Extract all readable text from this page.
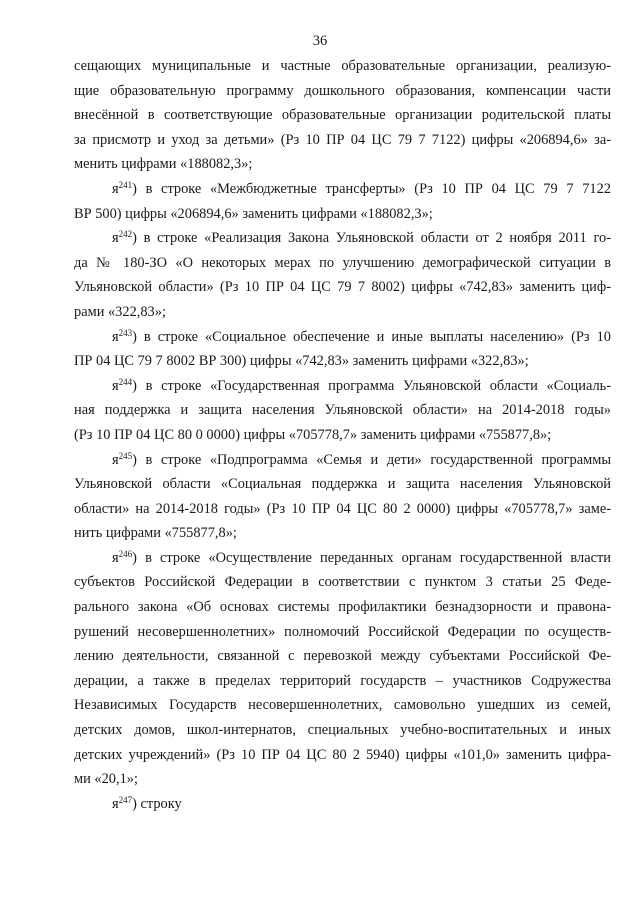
36
сещающих муниципальные и частные образовательные организации, реализую-
щие образовательную программу дошкольного образования, компенсации части
внесённой в соответствующие образовательные организации родительской платы
за присмотр и уход за детьми» (Рз 10 ПР 04 ЦС 79 7 7122) цифры «206894,6» за-
менить цифрами «188082,3»;
$я^{241}$) в строке «Межбюджетные трансферты» (Рз 10 ПР 04 ЦС 79 7 7122
ВР 500) цифры «206894,6» заменить цифрами «188082,3»;
$я^{242}$) в строке «Реализация Закона Ульяновской области от 2 ноября 2011 го-
да № 180-ЗО «О некоторых мерах по улучшению демографической ситуации в
Ульяновской области» (Рз 10 ПР 04 ЦС 79 7 8002) цифры «742,83» заменить циф-
рами «322,83»;
$я^{243}$) в строке «Социальное обеспечение и иные выплаты населению» (Рз 10
ПР 04 ЦС 79 7 8002 ВР 300) цифры «742,83» заменить цифрами «322,83»;
$я^{244}$) в строке «Государственная программа Ульяновской области «Социаль-
ная поддержка и защита населения Ульяновской области» на 2014-2018 годы»
(Рз 10 ПР 04 ЦС 80 0 0000) цифры «705778,7» заменить цифрами «755877,8»;
$я^{245}$) в строке «Подпрограмма «Семья и дети» государственной программы
Ульяновской области «Социальная поддержка и защита населения Ульяновской
области» на 2014-2018 годы» (Рз 10 ПР 04 ЦС 80 2 0000) цифры «705778,7» заме-
нить цифрами «755877,8»;
$я^{246}$) в строке «Осуществление переданных органам государственной власти
субъектов Российской Федерации в соответствии с пунктом 3 статьи 25 Феде-
рального закона «Об основах системы профилактики безнадзорности и правона-
рушений несовершеннолетних» полномочий Российской Федерации по осуществ-
лению деятельности, связанной с перевозкой между субъектами Российской Фе-
дерации, а также в пределах территорий государств – участников Содружества
Независимых Государств несовершеннолетних, самовольно ушедших из семей,
детских домов, школ-интернатов, специальных учебно-воспитательных и иных
детских учреждений» (Рз 10 ПР 04 ЦС 80 2 5940) цифры «101,0» заменить цифра-
ми «20,1»;
$я^{247}$) строку
